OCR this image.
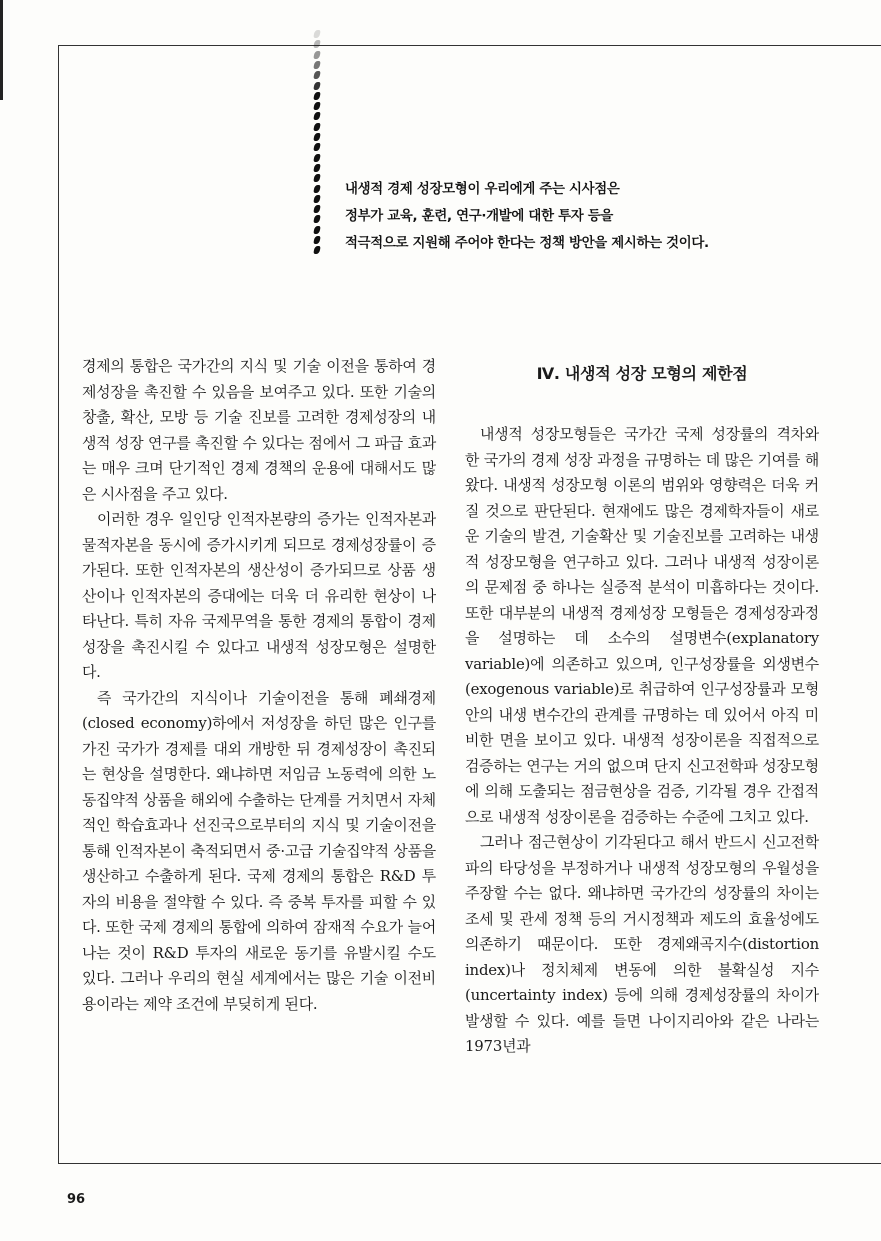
내생적 경제 성장모형이 우리에게 주는 시사점은
정부가 교육, 훈련, 연구·개발에 대한 투자 등을
적극적으로 지원해 주어야 한다는 정책 방안을 제시하는 것이다.

경제의 통합은 국가간의 지식 및 기술 이전을 통하여 경제성장을 촉진할 수 있음을 보여주고 있다. 또한 기술의 창출, 확산, 모방 등 기술 진보를 고려한 경제성장의 내생적 성장 연구를 촉진할 수 있다는 점에서 그 파급 효과는 매우 크며 단기적인 경제 경책의 운용에 대해서도 많은 시사점을 주고 있다.

이러한 경우 일인당 인적자본량의 증가는 인적자본과 물적자본을 동시에 증가시키게 되므로 경제성장률이 증가된다. 또한 인적자본의 생산성이 증가되므로 상품 생산이나 인적자본의 증대에는 더욱 더 유리한 현상이 나타난다. 특히 자유 국제무역을 통한 경제의 통합이 경제성장을 촉진시킬 수 있다고 내생적 성장모형은 설명한다.

즉 국가간의 지식이나 기술이전을 통해 폐쇄경제(closed economy)하에서 저성장을 하던 많은 인구를 가진 국가가 경제를 대외 개방한 뒤 경제성장이 촉진되는 현상을 설명한다. 왜냐하면 저임금 노동력에 의한 노동집약적 상품을 해외에 수출하는 단계를 거치면서 자체적인 학습효과나 선진국으로부터의 지식 및 기술이전을 통해 인적자본이 축적되면서 중·고급 기술집약적 상품을 생산하고 수출하게 된다. 국제 경제의 통합은 R&D 투자의 비용을 절약할 수 있다. 즉 중복 투자를 피할 수 있다. 또한 국제 경제의 통합에 의하여 잠재적 수요가 늘어나는 것이 R&D 투자의 새로운 동기를 유발시킬 수도 있다. 그러나 우리의 현실 세계에서는 많은 기술 이전비용이라는 제약 조건에 부딪히게 된다.

Ⅳ. 내생적 성장 모형의 제한점

내생적 성장모형들은 국가간 국제 성장률의 격차와 한 국가의 경제 성장 과정을 규명하는 데 많은 기여를 해 왔다. 내생적 성장모형 이론의 범위와 영향력은 더욱 커질 것으로 판단된다. 현재에도 많은 경제학자들이 새로운 기술의 발견, 기술확산 및 기술진보를 고려하는 내생적 성장모형을 연구하고 있다. 그러나 내생적 성장이론의 문제점 중 하나는 실증적 분석이 미흡하다는 것이다. 또한 대부분의 내생적 경제성장 모형들은 경제성장과정을 설명하는 데 소수의 설명변수(explanatory variable)에 의존하고 있으며, 인구성장률을 외생변수(exogenous variable)로 취급하여 인구성장률과 모형안의 내생 변수간의 관계를 규명하는 데 있어서 아직 미비한 면을 보이고 있다. 내생적 성장이론을 직접적으로 검증하는 연구는 거의 없으며 단지 신고전학파 성장모형에 의해 도출되는 점금현상을 검증, 기각될 경우 간접적으로 내생적 성장이론을 검증하는 수준에 그치고 있다.

그러나 점근현상이 기각된다고 해서 반드시 신고전학파의 타당성을 부정하거나 내생적 성장모형의 우월성을 주장할 수는 없다. 왜냐하면 국가간의 성장률의 차이는 조세 및 관세 정책 등의 거시정책과 제도의 효율성에도 의존하기 때문이다. 또한 경제왜곡지수(distortion index)나 정치체제 변동에 의한 불확실성 지수(uncertainty index) 등에 의해 경제성장률의 차이가 발생할 수 있다. 예를 들면 나이지리아와 같은 나라는 1973년과

96
